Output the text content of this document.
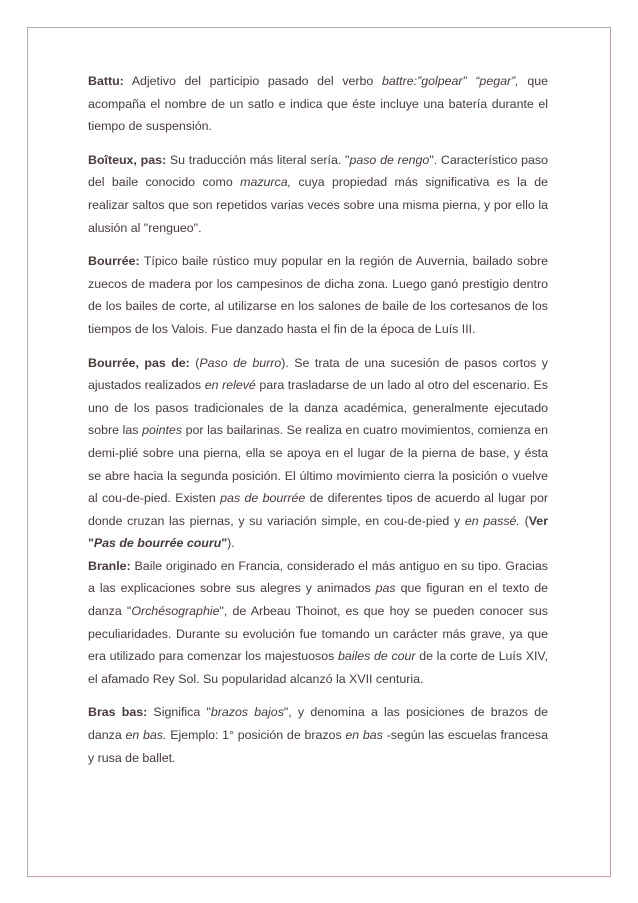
Battu: Adjetivo del participio pasado del verbo battre:”golpear” “pegar”, que acompaña el nombre de un satlo e indica que éste incluye una batería durante el tiempo de suspensión.

Boîteux, pas: Su traducción más literal sería. "paso de rengo". Característico paso del baile conocido como mazurca, cuya propiedad más significativa es la de realizar saltos que son repetidos varias veces sobre una misma pierna, y por ello la alusión al "rengueo".

Bourrée: Típico baile rústico muy popular en la región de Auvernia, bailado sobre zuecos de madera por los campesinos de dicha zona. Luego ganó prestigio dentro de los bailes de corte, al utilizarse en los salones de baile de los cortesanos de los tiempos de los Valois. Fue danzado hasta el fin de la época de Luís III.

Bourrée, pas de: (Paso de burro). Se trata de una sucesión de pasos cortos y ajustados realizados en relevé para trasladarse de un lado al otro del escenario. Es uno de los pasos tradicionales de la danza académica, generalmente ejecutado sobre las pointes por las bailarinas. Se realiza en cuatro movimientos, comienza en demi-plié sobre una pierna, ella se apoya en el lugar de la pierna de base, y ésta se abre hacia la segunda posición. El último movimiento cierra la posición o vuelve al cou-de-pied. Existen pas de bourrée de diferentes tipos de acuerdo al lugar por donde cruzan las piernas, y su variación simple, en cou-de-pied y en passé. (Ver "Pas de bourrée couru").

Branle: Baile originado en Francia, considerado el más antiguo en su tipo. Gracias a las explicaciones sobre sus alegres y animados pas que figuran en el texto de danza "Orchésographie", de Arbeau Thoinot, es que hoy se pueden conocer sus peculiaridades. Durante su evolución fue tomando un carácter más grave, ya que era utilizado para comenzar los majestuosos bailes de cour de la corte de Luís XIV, el afamado Rey Sol. Su popularidad alcanzó la XVII centuria.

Bras bas: Significa "brazos bajos", y denomina a las posiciones de brazos de danza en bas. Ejemplo: 1° posición de brazos en bas -según las escuelas francesa y rusa de ballet.
